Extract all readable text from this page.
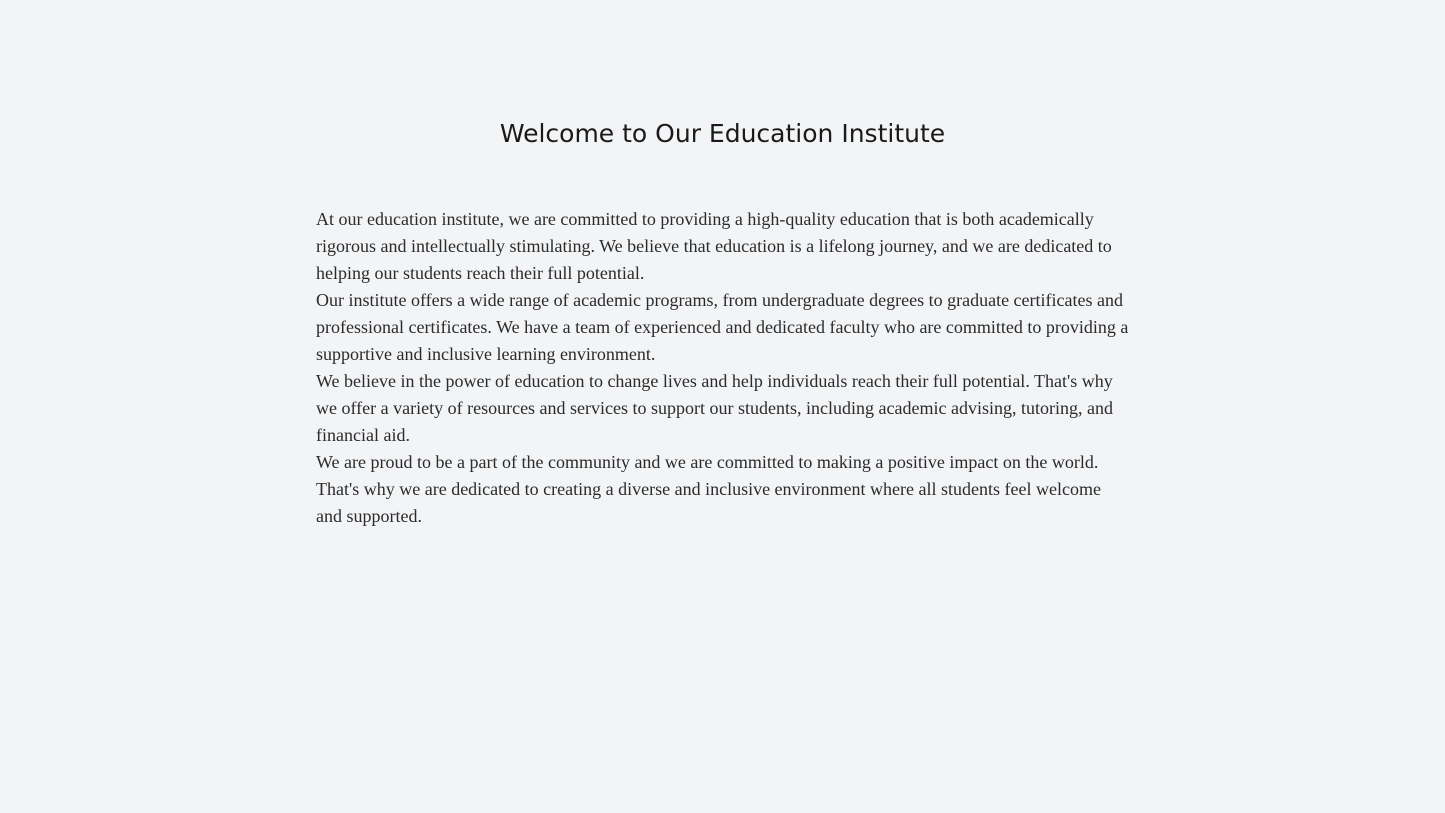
Welcome to Our Education Institute

At our education institute, we are committed to providing a high-quality education that is both academically rigorous and intellectually stimulating. We believe that education is a lifelong journey, and we are dedicated to helping our students reach their full potential.

Our institute offers a wide range of academic programs, from undergraduate degrees to graduate certificates and professional certificates. We have a team of experienced and dedicated faculty who are committed to providing a supportive and inclusive learning environment.

We believe in the power of education to change lives and help individuals reach their full potential. That's why we offer a variety of resources and services to support our students, including academic advising, tutoring, and financial aid.

We are proud to be a part of the community and we are committed to making a positive impact on the world. That's why we are dedicated to creating a diverse and inclusive environment where all students feel welcome and supported.
